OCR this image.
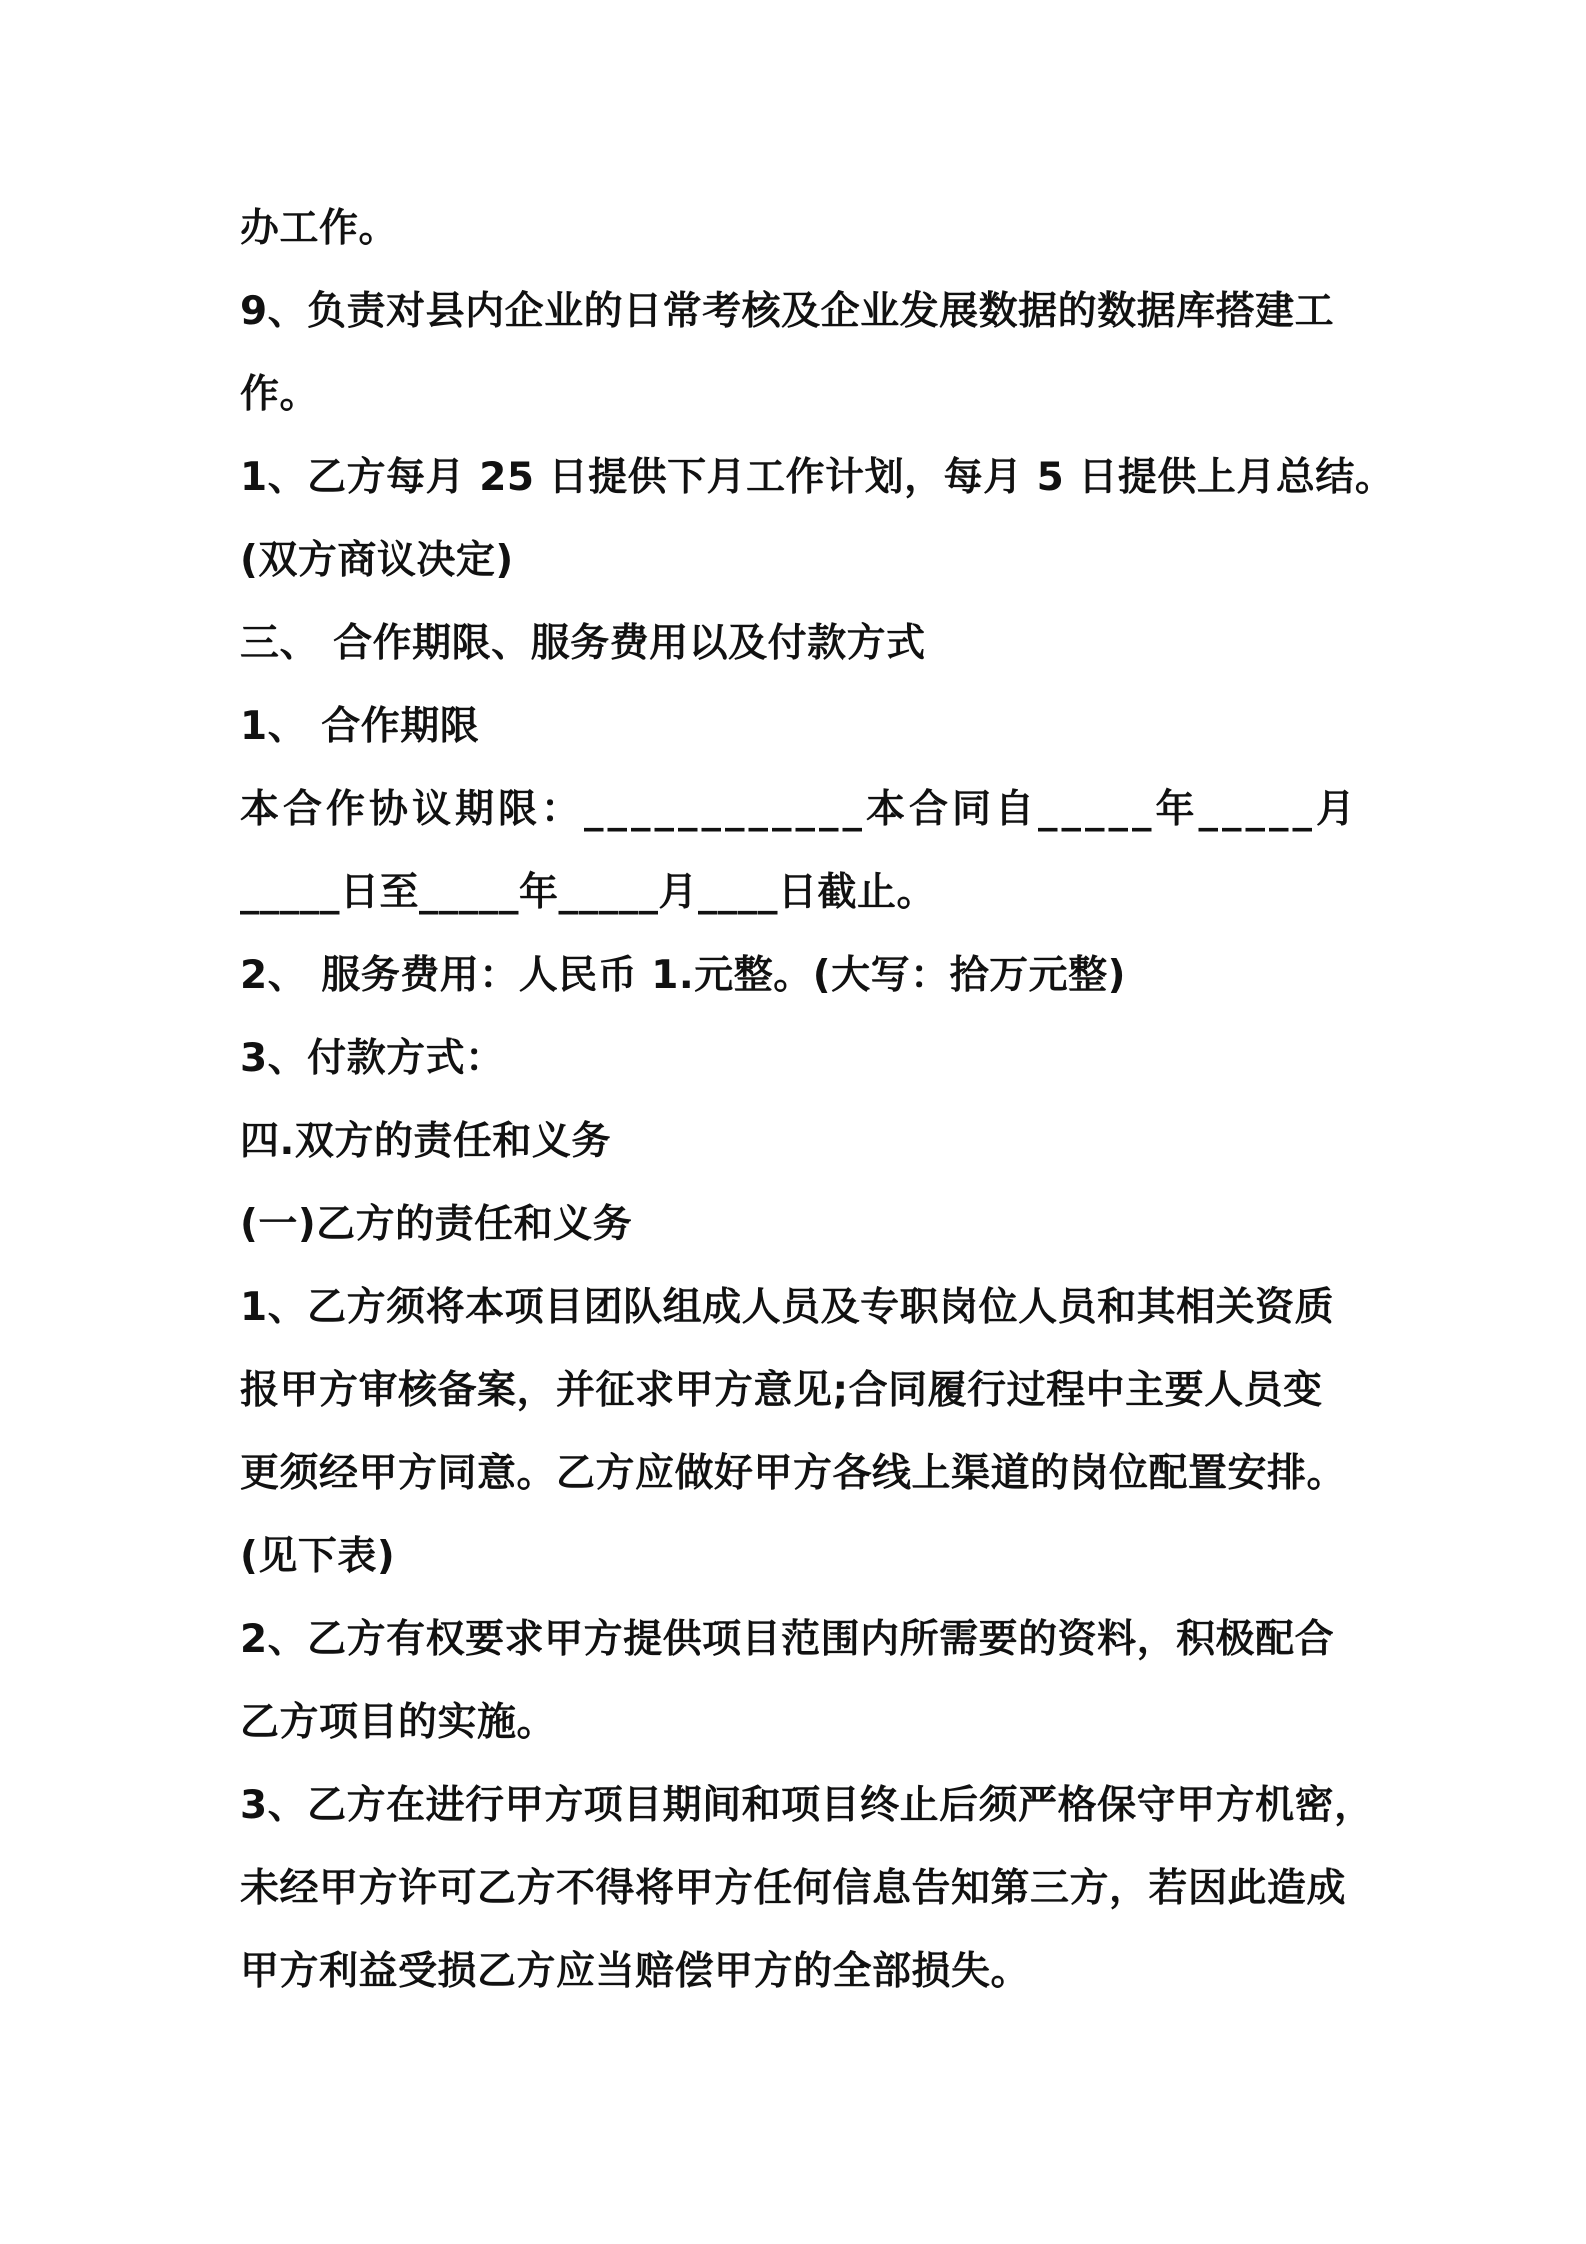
办工作。
9、负责对县内企业的日常考核及企业发展数据的数据库搭建工
作。
1、乙方每月 25 日提供下月工作计划，每月 5 日提供上月总结。
(双方商议决定)
三、 合作期限、服务费用以及付款方式
1、 合作期限
本合作协议期限：____________本合同自_____年_____月
_____日至_____年_____月____日截止。
2、 服务费用：人民币 1.元整。(大写：拾万元整)
3、付款方式：
四.双方的责任和义务
(一)乙方的责任和义务
1、乙方须将本项目团队组成人员及专职岗位人员和其相关资质
报甲方审核备案，并征求甲方意见;合同履行过程中主要人员变
更须经甲方同意。乙方应做好甲方各线上渠道的岗位配置安排。
(见下表)
2、乙方有权要求甲方提供项目范围内所需要的资料，积极配合
乙方项目的实施。
3、乙方在进行甲方项目期间和项目终止后须严格保守甲方机密，
未经甲方许可乙方不得将甲方任何信息告知第三方，若因此造成
甲方利益受损乙方应当赔偿甲方的全部损失。
